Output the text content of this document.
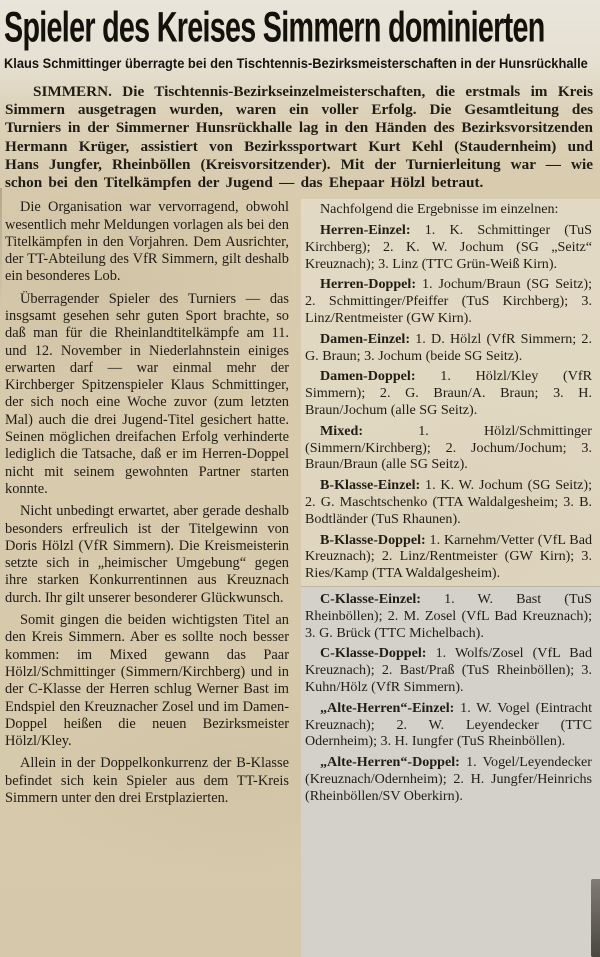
Spieler des Kreises Simmern dominierten
Klaus Schmittinger überragte bei den Tischtennis-Bezirksmeisterschaften in der Hunsrückhalle

SIMMERN. Die Tischtennis-Bezirkseinzelmeisterschaften, die erstmals im Kreis Simmern ausgetragen wurden, waren ein voller Erfolg. Die Gesamtleitung des Turniers in der Simmerner Hunsrückhalle lag in den Händen des Bezirksvorsitzenden Hermann Krüger, assistiert von Bezirkssportwart Kurt Kehl (Staudernheim) und Hans Jungfer, Rheinböllen (Kreisvorsitzender). Mit der Turnierleitung war — wie schon bei den Titelkämpfen der Jugend — das Ehepaar Hölzl betraut.

Die Organisation war vervorragend, obwohl wesentlich mehr Meldungen vorlagen als bei den Titelkämpfen in den Vorjahren. Dem Ausrichter, der TT-Abteilung des VfR Simmern, gilt deshalb ein besonderes Lob.

Überragender Spieler des Turniers — das insgsamt gesehen sehr guten Sport brachte, so daß man für die Rheinlandtitelkämpfe am 11. und 12. November in Niederlahnstein einiges erwarten darf — war einmal mehr der Kirchberger Spitzenspieler Klaus Schmittinger, der sich noch eine Woche zuvor (zum letzten Mal) auch die drei Jugend-Titel gesichert hatte. Seinen möglichen dreifachen Erfolg verhinderte lediglich die Tatsache, daß er im Herren-Doppel nicht mit seinem gewohnten Partner starten konnte.

Nicht unbedingt erwartet, aber gerade deshalb besonders erfreulich ist der Titelgewinn von Doris Hölzl (VfR Simmern). Die Kreismeisterin setzte sich in „heimischer Umgebung“ gegen ihre starken Konkurrentinnen aus Kreuznach durch. Ihr gilt unserer besonderer Glückwunsch.

Somit gingen die beiden wichtigsten Titel an den Kreis Simmern. Aber es sollte noch besser kommen: im Mixed gewann das Paar Hölzl/Schmittinger (Simmern/Kirchberg) und in der C-Klasse der Herren schlug Werner Bast im Endspiel den Kreuznacher Zosel und im Damen-Doppel heißen die neuen Bezirksmeister Hölzl/Kley.

Allein in der Doppelkonkurrenz der B-Klasse befindet sich kein Spieler aus dem TT-Kreis Simmern unter den drei Erstplazierten.

Nachfolgend die Ergebnisse im einzelnen:

Herren-Einzel: 1. K. Schmittinger (TuS Kirchberg); 2. K. W. Jochum (SG „Seitz“ Kreuznach); 3. Linz (TTC Grün-Weiß Kirn).

Herren-Doppel: 1. Jochum/Braun (SG Seitz); 2. Schmittinger/Pfeiffer (TuS Kirchberg); 3. Linz/Rentmeister (GW Kirn).

Damen-Einzel: 1. D. Hölzl (VfR Simmern; 2. G. Braun; 3. Jochum (beide SG Seitz).

Damen-Doppel: 1. Hölzl/Kley (VfR Simmern); 2. G. Braun/A. Braun; 3. H. Braun/Jochum (alle SG Seitz).

Mixed:	1. Hölzl/Schmittinger (Simmern/Kirchberg); 2. Jochum/Jochum; 3. Braun/Braun (alle SG Seitz).

B-Klasse-Einzel: 1. K. W. Jochum (SG Seitz); 2. G. Maschtschenko (TTA Waldalgesheim; 3. B. Bodtländer (TuS Rhaunen).

B-Klasse-Doppel: 1. Karnehm/Vetter (VfL Bad Kreuznach); 2. Linz/Rentmeister (GW Kirn); 3. Ries/Kamp (TTA Waldalgesheim).

C-Klasse-Einzel: 1. W. Bast (TuS Rheinböllen); 2. M. Zosel (VfL Bad Kreuznach); 3. G. Brück (TTC Michelbach).

C-Klasse-Doppel: 1. Wolfs/Zosel (VfL Bad Kreuznach); 2. Bast/Praß (TuS Rheinböllen); 3. Kuhn/Hölz (VfR Simmern).

„Alte-Herren“-Einzel: 1. W. Vogel (Eintracht Kreuznach); 2. W. Leyendecker (TTC Odernheim); 3. H. Iungfer (TuS Rheinböllen).

„Alte-Herren“-Doppel: 1. Vogel/Leyendecker (Kreuznach/Odernheim); 2. H. Jungfer/Heinrichs (Rheinböllen/SV Oberkirn).
